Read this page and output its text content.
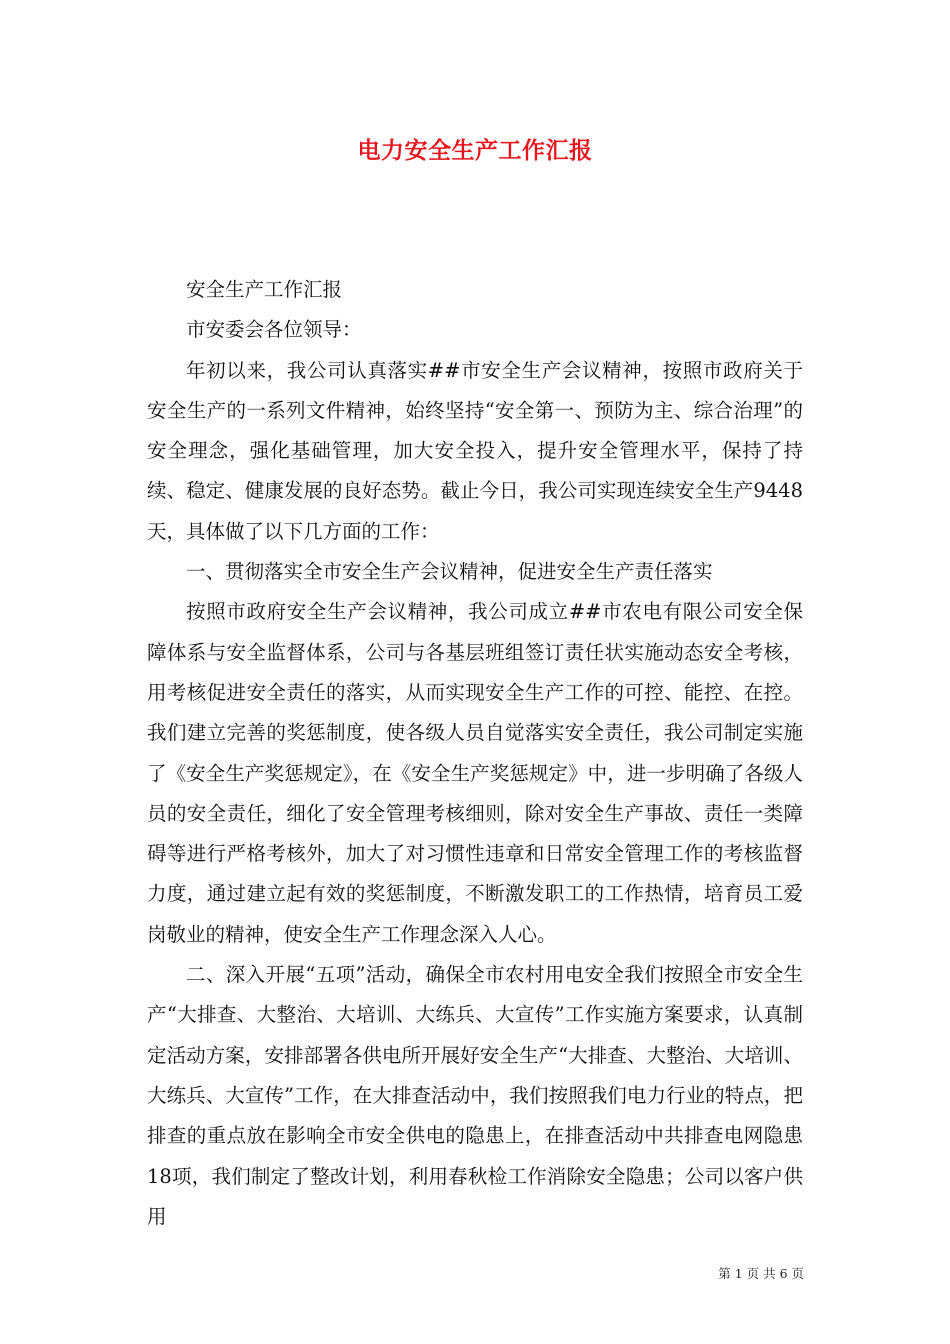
电力安全生产工作汇报

安全生产工作汇报

市安委会各位领导：

年初以来，我公司认真落实##市安全生产会议精神，按照市政府关于安全生产的一系列文件精神，始终坚持“安全第一、预防为主、综合治理”的安全理念，强化基础管理，加大安全投入，提升安全管理水平，保持了持续、稳定、健康发展的良好态势。截止今日，我公司实现连续安全生产9448天，具体做了以下几方面的工作：

一、贯彻落实全市安全生产会议精神，促进安全生产责任落实

按照市政府安全生产会议精神，我公司成立##市农电有限公司安全保障体系与安全监督体系，公司与各基层班组签订责任状实施动态安全考核，用考核促进安全责任的落实，从而实现安全生产工作的可控、能控、在控。我们建立完善的奖惩制度，使各级人员自觉落实安全责任，我公司制定实施了《安全生产奖惩规定》，在《安全生产奖惩规定》中，进一步明确了各级人员的安全责任，细化了安全管理考核细则，除对安全生产事故、责任一类障碍等进行严格考核外，加大了对习惯性违章和日常安全管理工作的考核监督力度，通过建立起有效的奖惩制度，不断激发职工的工作热情，培育员工爱岗敬业的精神，使安全生产工作理念深入人心。

二、深入开展“五项”活动，确保全市农村用电安全我们按照全市安全生产“大排查、大整治、大培训、大练兵、大宣传”工作实施方案要求，认真制定活动方案，安排部署各供电所开展好安全生产“大排查、大整治、大培训、大练兵、大宣传”工作，在大排查活动中，我们按照我们电力行业的特点，把排查的重点放在影响全市安全供电的隐患上，在排查活动中共排查电网隐患18项，我们制定了整改计划，利用春秋检工作消除安全隐患；公司以客户供用

第 1 页 共 6 页
